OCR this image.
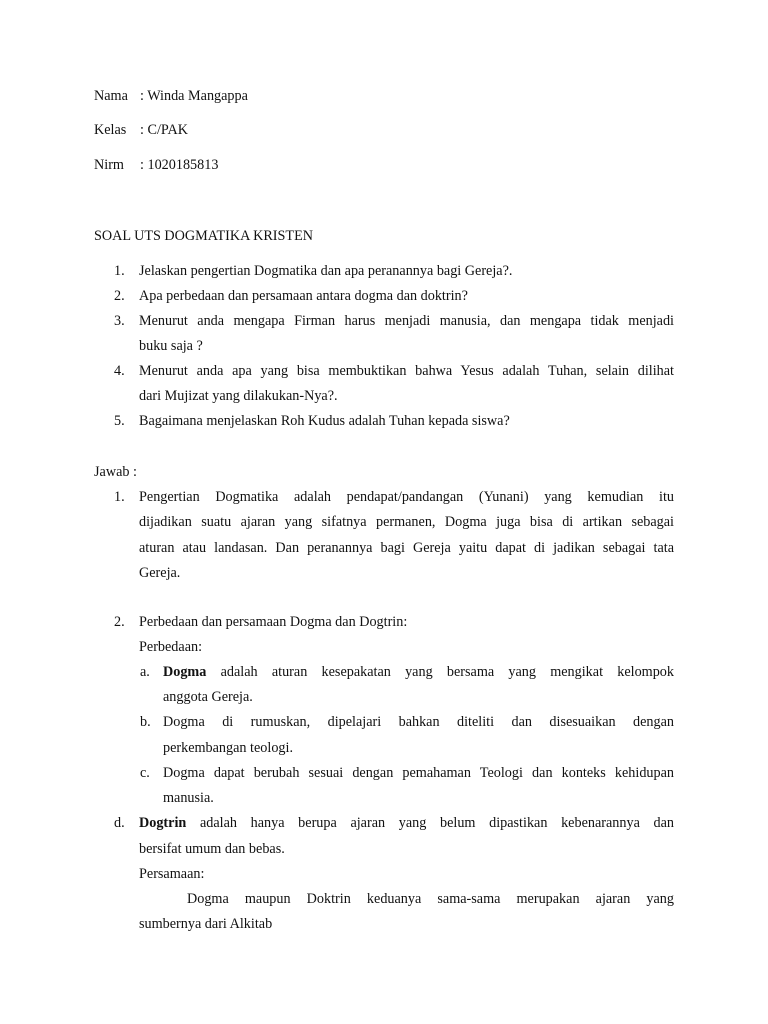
Nama : Winda Mangappa
Kelas : C/PAK
Nirm : 1020185813
SOAL UTS DOGMATIKA KRISTEN
1. Jelaskan pengertian Dogmatika dan apa peranannya bagi Gereja?.
2. Apa perbedaan dan persamaan antara dogma dan doktrin?
3. Menurut anda mengapa Firman harus menjadi manusia, dan mengapa tidak menjadi
buku saja ?
4. Menurut anda apa yang bisa membuktikan bahwa Yesus adalah Tuhan, selain dilihat
dari Mujizat yang dilakukan-Nya?.
5. Bagaimana menjelaskan Roh Kudus adalah Tuhan kepada siswa?
Jawab :
1. Pengertian Dogmatika adalah pendapat/pandangan (Yunani) yang kemudian itu
dijadikan suatu ajaran yang sifatnya permanen, Dogma juga bisa di artikan sebagai
aturan atau landasan. Dan peranannya bagi Gereja yaitu dapat di jadikan sebagai tata
Gereja.
2. Perbedaan dan persamaan Dogma dan Dogtrin:
Perbedaan:
a. Dogma adalah aturan kesepakatan yang bersama yang mengikat kelompok
anggota Gereja.
b. Dogma di rumuskan, dipelajari bahkan diteliti dan disesuaikan dengan
perkembangan teologi.
c. Dogma dapat berubah sesuai dengan pemahaman Teologi dan konteks kehidupan
manusia.
d. Dogtrin adalah hanya berupa ajaran yang belum dipastikan kebenarannya dan
bersifat umum dan bebas.
Persamaan:
Dogma maupun Doktrin keduanya sama-sama merupakan ajaran yang
sumbernya dari Alkitab
